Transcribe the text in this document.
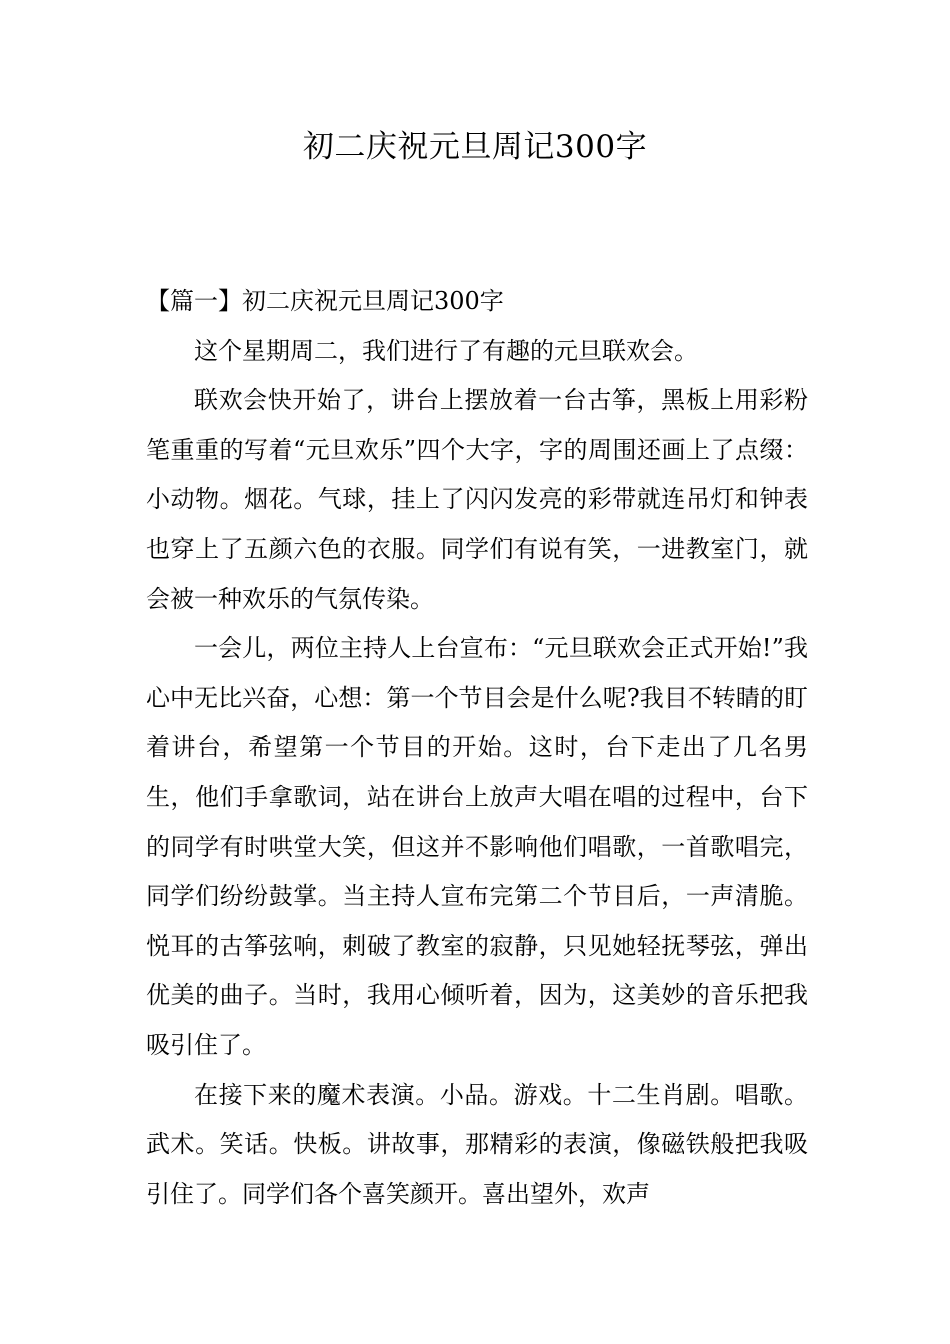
初二庆祝元旦周记300字
【篇一】初二庆祝元旦周记300字

这个星期周二，我们进行了有趣的元旦联欢会。

联欢会快开始了，讲台上摆放着一台古筝，黑板上用彩粉笔重重的写着“元旦欢乐”四个大字，字的周围还画上了点缀：小动物。烟花。气球，挂上了闪闪发亮的彩带就连吊灯和钟表也穿上了五颜六色的衣服。同学们有说有笑，一进教室门，就会被一种欢乐的气氛传染。

一会儿，两位主持人上台宣布：“元旦联欢会正式开始!”我心中无比兴奋，心想：第一个节目会是什么呢?我目不转睛的盯着讲台，希望第一个节目的开始。这时，台下走出了几名男生，他们手拿歌词，站在讲台上放声大唱在唱的过程中，台下的同学有时哄堂大笑，但这并不影响他们唱歌，一首歌唱完，同学们纷纷鼓掌。当主持人宣布完第二个节目后，一声清脆。悦耳的古筝弦响，刺破了教室的寂静，只见她轻抚琴弦，弹出优美的曲子。当时，我用心倾听着，因为，这美妙的音乐把我吸引住了。

在接下来的魔术表演。小品。游戏。十二生肖剧。唱歌。武术。笑话。快板。讲故事，那精彩的表演，像磁铁般把我吸引住了。同学们各个喜笑颜开。喜出望外，欢声
